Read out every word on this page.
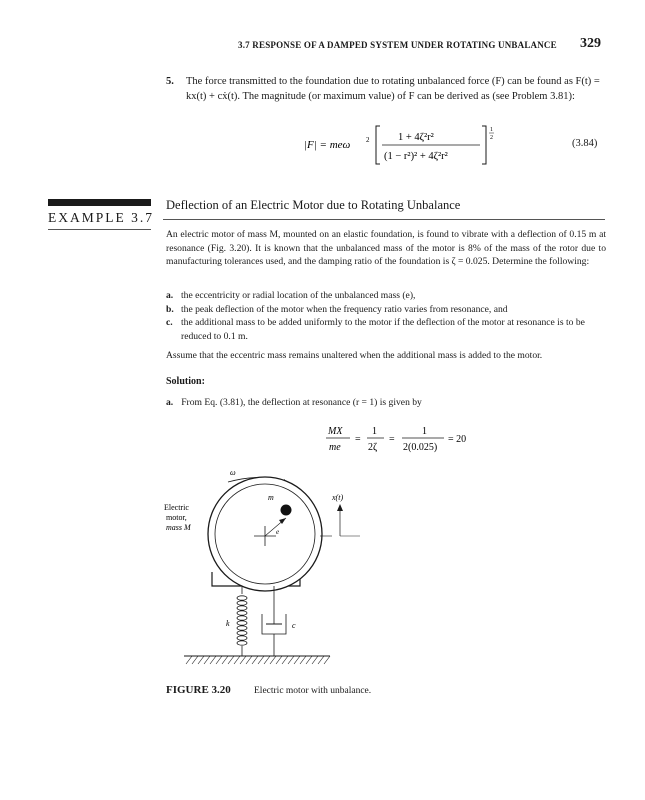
3.7 RESPONSE OF A DAMPED SYSTEM UNDER ROTATING UNBALANCE 329
5. The force transmitted to the foundation due to rotating unbalanced force (F) can be found as F(t) = kx(t) + cẋ(t). The magnitude (or maximum value) of F can be derived as (see Problem 3.81):
|F| = meω 2	1 + 4ζ²r²
(1 − r²)² + 4ζ²r²
1
2	(3.84)
EXAMPLE 3.7
Deflection of an Electric Motor due to Rotating Unbalance
An electric motor of mass M, mounted on an elastic foundation, is found to vibrate with a deflection of 0.15 m at resonance (Fig. 3.20). It is known that the unbalanced mass of the motor is 8% of the mass of the rotor due to manufacturing tolerances used, and the damping ratio of the foundation is ζ = 0.025. Determine the following:
a. the eccentricity or radial location of the unbalanced mass (e),
b. the peak deflection of the motor when the frequency ratio varies from resonance, and
c. the additional mass to be added uniformly to the motor if the deflection of the motor at resonance is to be reduced to 0.1 m.
Assume that the eccentric mass remains unaltered when the additional mass is added to the motor.
Solution:
a. From Eq. (3.81), the deflection at resonance (r = 1) is given by
MX
me
=
1
2ζ
=
1
2(0.025)
= 20
ω
m
e
x(t)
Electric
motor,
mass M
k	c
FIGURE 3.20 Electric motor with unbalance.
